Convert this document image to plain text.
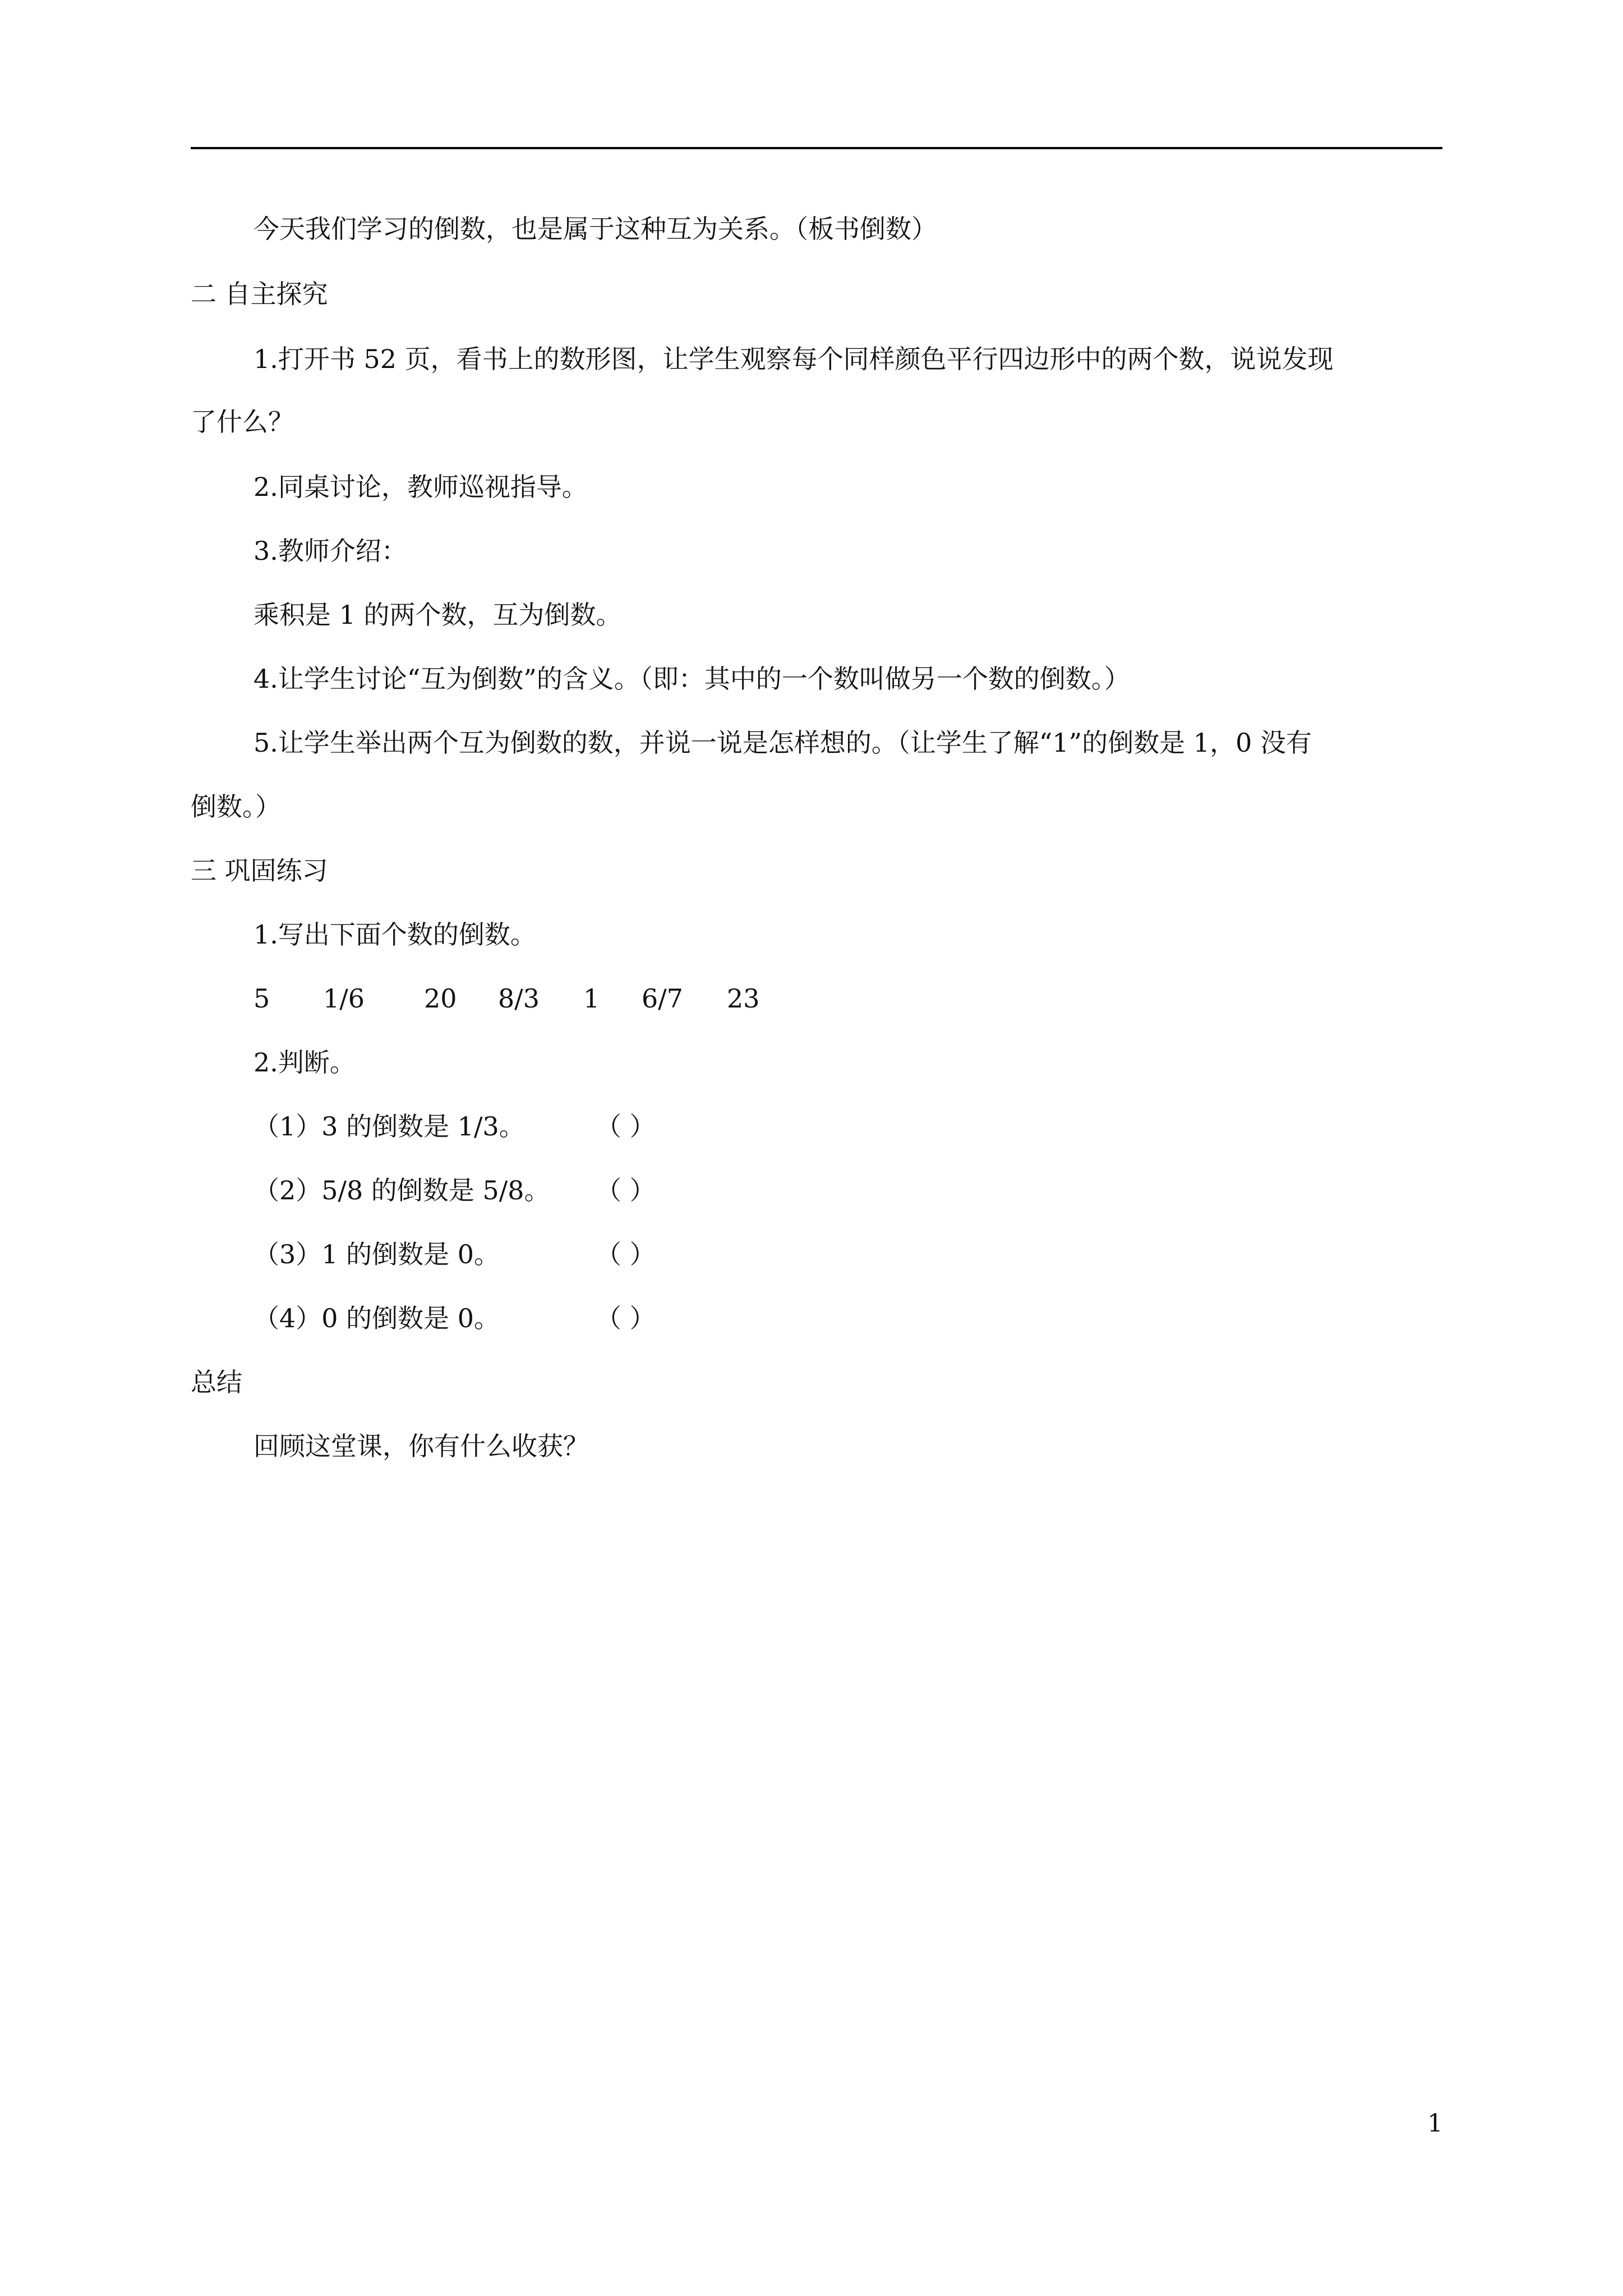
今天我们学习的倒数，也是属于这种互为关系。（板书倒数）
二 自主探究
1.打开书 52 页，看书上的数形图，让学生观察每个同样颜色平行四边形中的两个数，说说发现
了什么？
2.同桌讨论，教师巡视指导。
3.教师介绍：
乘积是 1 的两个数，互为倒数。
4.让学生讨论“互为倒数”的含义。（即：其中的一个数叫做另一个数的倒数。）
5.让学生举出两个互为倒数的数，并说一说是怎样想的。（让学生了解“1”的倒数是 1，0 没有
倒数。）
三 巩固练习
1.写出下面个数的倒数。
5 1/6 20 8/3 1 6/7 23
2.判断。
（1）3 的倒数是 1/3。	（ ）
（2）5/8 的倒数是 5/8。 （ ）
（3）1 的倒数是 0。	（ ）
（4）0 的倒数是 0。	（ ）
总结
回顾这堂课，你有什么收获？
1
